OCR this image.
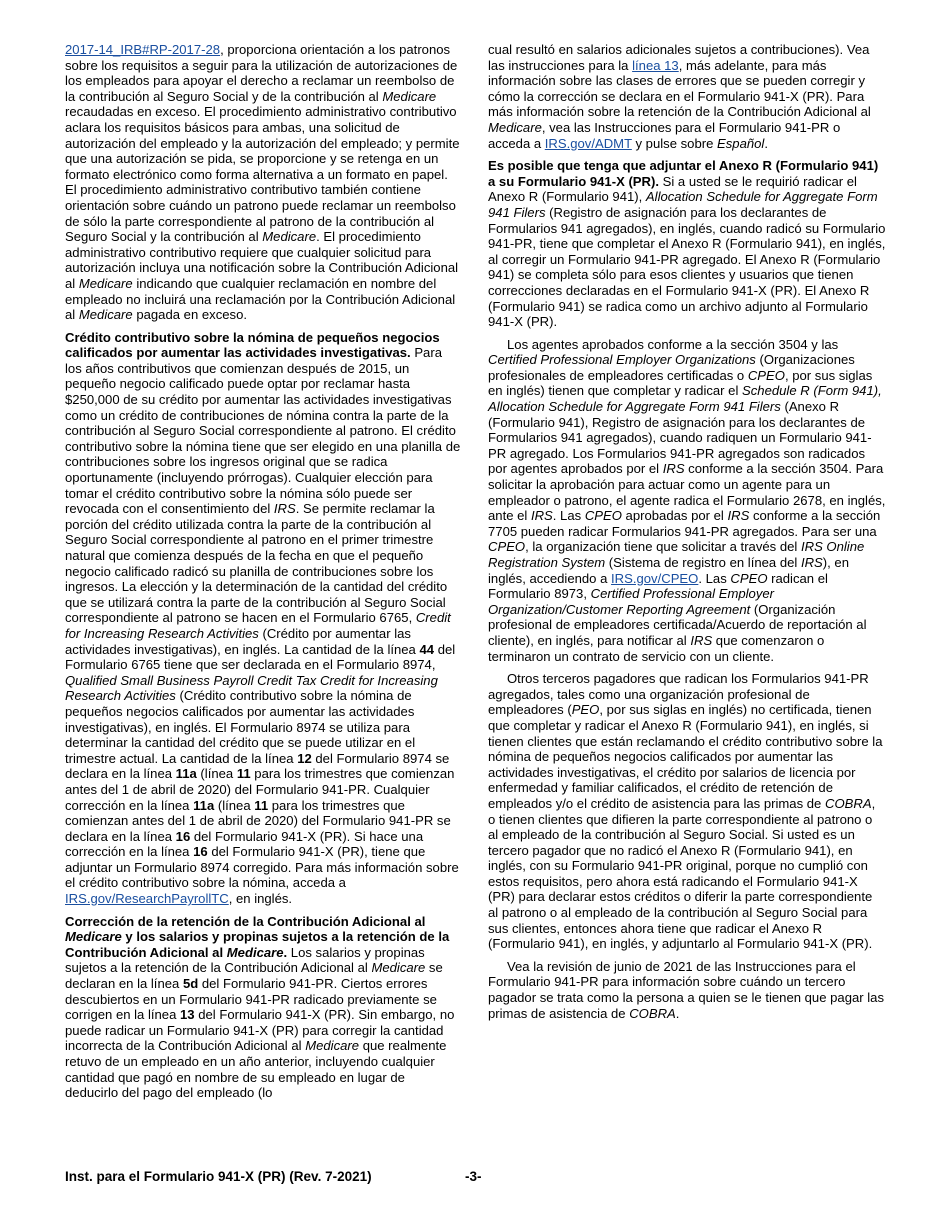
2017-14_IRB#RP-2017-28, proporciona orientación a los patronos sobre los requisitos a seguir para la utilización de autorizaciones de los empleados para apoyar el derecho a reclamar un reembolso de la contribución al Seguro Social y de la contribución al Medicare recaudadas en exceso. El procedimiento administrativo contributivo aclara los requisitos básicos para ambas, una solicitud de autorización del empleado y la autorización del empleado; y permite que una autorización se pida, se proporcione y se retenga en un formato electrónico como forma alternativa a un formato en papel. El procedimiento administrativo contributivo también contiene orientación sobre cuándo un patrono puede reclamar un reembolso de sólo la parte correspondiente al patrono de la contribución al Seguro Social y la contribución al Medicare. El procedimiento administrativo contributivo requiere que cualquier solicitud para autorización incluya una notificación sobre la Contribución Adicional al Medicare indicando que cualquier reclamación en nombre del empleado no incluirá una reclamación por la Contribución Adicional al Medicare pagada en exceso.

Crédito contributivo sobre la nómina de pequeños negocios calificados por aumentar las actividades investigativas. Para los años contributivos que comienzan después de 2015, un pequeño negocio calificado puede optar por reclamar hasta $250,000 de su crédito por aumentar las actividades investigativas como un crédito de contribuciones de nómina contra la parte de la contribución al Seguro Social correspondiente al patrono. El crédito contributivo sobre la nómina tiene que ser elegido en una planilla de contribuciones sobre los ingresos original que se radica oportunamente (incluyendo prórrogas). Cualquier elección para tomar el crédito contributivo sobre la nómina sólo puede ser revocada con el consentimiento del IRS. Se permite reclamar la porción del crédito utilizada contra la parte de la contribución al Seguro Social correspondiente al patrono en el primer trimestre natural que comienza después de la fecha en que el pequeño negocio calificado radicó su planilla de contribuciones sobre los ingresos. La elección y la determinación de la cantidad del crédito que se utilizará contra la parte de la contribución al Seguro Social correspondiente al patrono se hacen en el Formulario 6765, Credit for Increasing Research Activities (Crédito por aumentar las actividades investigativas), en inglés. La cantidad de la línea 44 del Formulario 6765 tiene que ser declarada en el Formulario 8974, Qualified Small Business Payroll Credit Tax Credit for Increasing Research Activities (Crédito contributivo sobre la nómina de pequeños negocios calificados por aumentar las actividades investigativas), en inglés. El Formulario 8974 se utiliza para determinar la cantidad del crédito que se puede utilizar en el trimestre actual. La cantidad de la línea 12 del Formulario 8974 se declara en la línea 11a (línea 11 para los trimestres que comienzan antes del 1 de abril de 2020) del Formulario 941-PR. Cualquier corrección en la línea 11a (línea 11 para los trimestres que comienzan antes del 1 de abril de 2020) del Formulario 941-PR se declara en la línea 16 del Formulario 941-X (PR). Si hace una corrección en la línea 16 del Formulario 941-X (PR), tiene que adjuntar un Formulario 8974 corregido. Para más información sobre el crédito contributivo sobre la nómina, acceda a IRS.gov/ResearchPayrollTC, en inglés.

Corrección de la retención de la Contribución Adicional al Medicare y los salarios y propinas sujetos a la retención de la Contribución Adicional al Medicare. Los salarios y propinas sujetos a la retención de la Contribución Adicional al Medicare se declaran en la línea 5d del Formulario 941-PR. Ciertos errores descubiertos en un Formulario 941-PR radicado previamente se corrigen en la línea 13 del Formulario 941-X (PR). Sin embargo, no puede radicar un Formulario 941-X (PR) para corregir la cantidad incorrecta de la Contribución Adicional al Medicare que realmente retuvo de un empleado en un año anterior, incluyendo cualquier cantidad que pagó en nombre de su empleado en lugar de deducirlo del pago del empleado (lo

cual resultó en salarios adicionales sujetos a contribuciones). Vea las instrucciones para la línea 13, más adelante, para más información sobre las clases de errores que se pueden corregir y cómo la corrección se declara en el Formulario 941-X (PR). Para más información sobre la retención de la Contribución Adicional al Medicare, vea las Instrucciones para el Formulario 941-PR o acceda a IRS.gov/ADMT y pulse sobre Español.

Es posible que tenga que adjuntar el Anexo R (Formulario 941) a su Formulario 941-X (PR). Si a usted se le requirió radicar el Anexo R (Formulario 941), Allocation Schedule for Aggregate Form 941 Filers (Registro de asignación para los declarantes de Formularios 941 agregados), en inglés, cuando radicó su Formulario 941-PR, tiene que completar el Anexo R (Formulario 941), en inglés, al corregir un Formulario 941-PR agregado. El Anexo R (Formulario 941) se completa sólo para esos clientes y usuarios que tienen correcciones declaradas en el Formulario 941-X (PR). El Anexo R (Formulario 941) se radica como un archivo adjunto al Formulario 941-X (PR).

Los agentes aprobados conforme a la sección 3504 y las Certified Professional Employer Organizations (Organizaciones profesionales de empleadores certificadas o CPEO, por sus siglas en inglés) tienen que completar y radicar el Schedule R (Form 941), Allocation Schedule for Aggregate Form 941 Filers (Anexo R (Formulario 941), Registro de asignación para los declarantes de Formularios 941 agregados), cuando radiquen un Formulario 941-PR agregado. Los Formularios 941-PR agregados son radicados por agentes aprobados por el IRS conforme a la sección 3504. Para solicitar la aprobación para actuar como un agente para un empleador o patrono, el agente radica el Formulario 2678, en inglés, ante el IRS. Las CPEO aprobadas por el IRS conforme a la sección 7705 pueden radicar Formularios 941-PR agregados. Para ser una CPEO, la organización tiene que solicitar a través del IRS Online Registration System (Sistema de registro en línea del IRS), en inglés, accediendo a IRS.gov/CPEO. Las CPEO radican el Formulario 8973, Certified Professional Employer Organization/Customer Reporting Agreement (Organización profesional de empleadores certificada/Acuerdo de reportación al cliente), en inglés, para notificar al IRS que comenzaron o terminaron un contrato de servicio con un cliente.

Otros terceros pagadores que radican los Formularios 941-PR agregados, tales como una organización profesional de empleadores (PEO, por sus siglas en inglés) no certificada, tienen que completar y radicar el Anexo R (Formulario 941), en inglés, si tienen clientes que están reclamando el crédito contributivo sobre la nómina de pequeños negocios calificados por aumentar las actividades investigativas, el crédito por salarios de licencia por enfermedad y familiar calificados, el crédito de retención de empleados y/o el crédito de asistencia para las primas de COBRA, o tienen clientes que difieren la parte correspondiente al patrono o al empleado de la contribución al Seguro Social. Si usted es un tercero pagador que no radicó el Anexo R (Formulario 941), en inglés, con su Formulario 941-PR original, porque no cumplió con estos requisitos, pero ahora está radicando el Formulario 941-X (PR) para declarar estos créditos o diferir la parte correspondiente al patrono o al empleado de la contribución al Seguro Social para sus clientes, entonces ahora tiene que radicar el Anexo R (Formulario 941), en inglés, y adjuntarlo al Formulario 941-X (PR).

Vea la revisión de junio de 2021 de las Instrucciones para el Formulario 941-PR para información sobre cuándo un tercero pagador se trata como la persona a quien se le tienen que pagar las primas de asistencia de COBRA.

Inst. para el Formulario 941-X (PR) (Rev. 7-2021)	-3-
